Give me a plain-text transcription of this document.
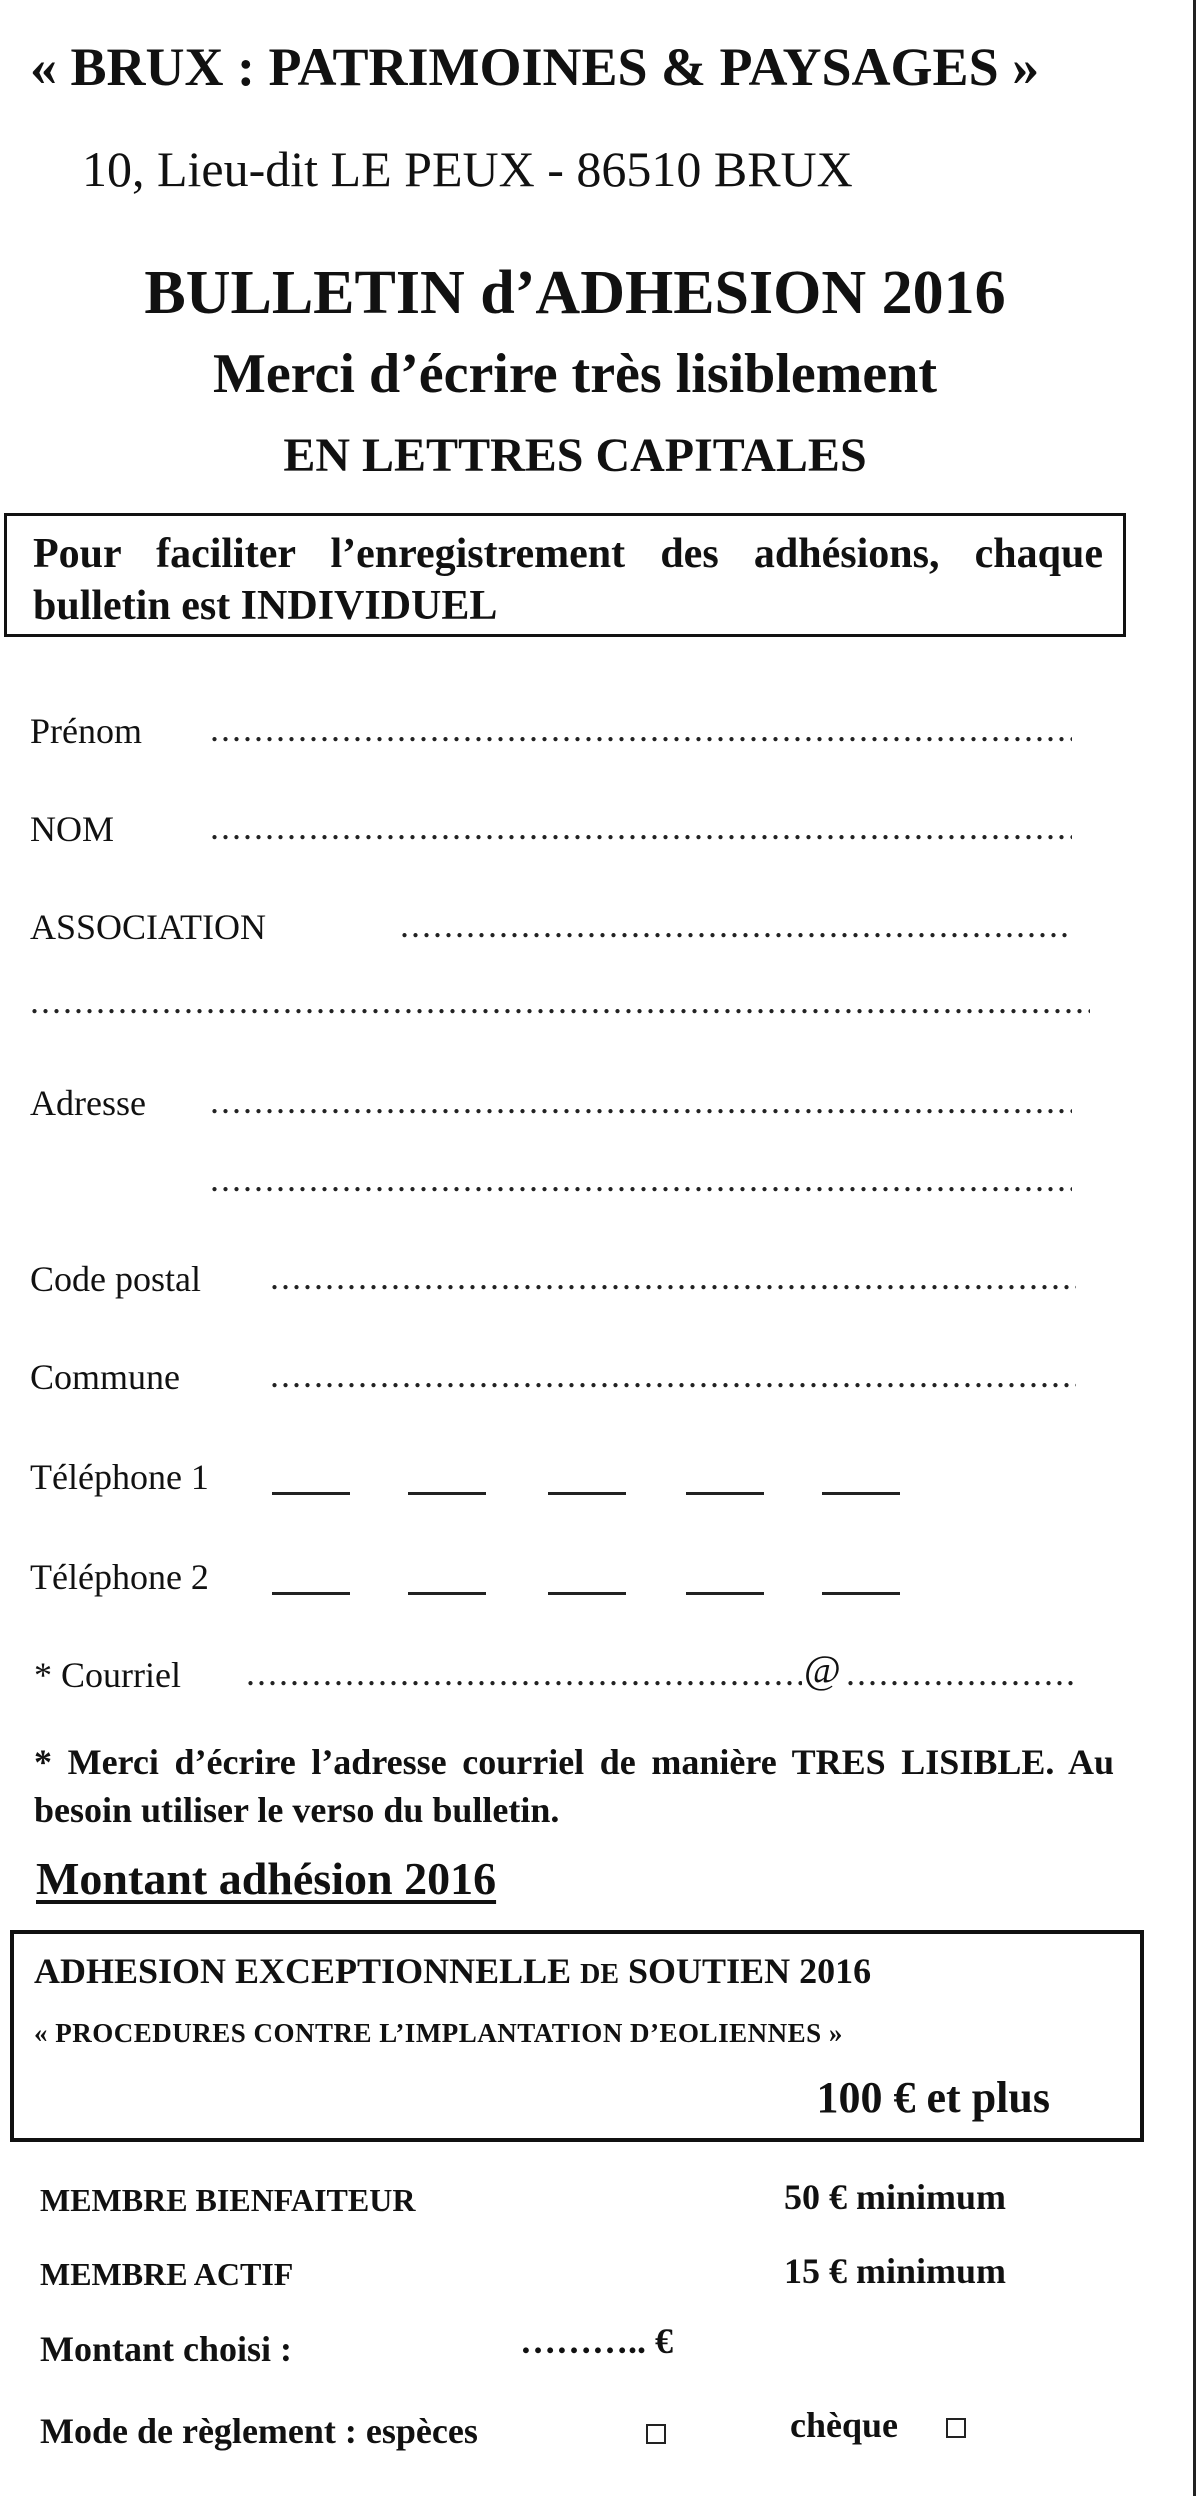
« BRUX : PATRIMOINES & PAYSAGES »
10, Lieu-dit LE PEUX - 86510 BRUX
BULLETIN d’ADHESION 2016
Merci d’écrire très lisiblement
EN LETTRES CAPITALES
Pour faciliter l’enregistrement des adhésions, chaque bulletin est INDIVIDUEL
Prénom
.....
NOM
.....
ASSOCIATION
.....
.....
Adresse
.....
.....
Code postal
.....
Commune
.....
Téléphone 1
Téléphone 2
* Courriel
.....	@
.....
* Merci d’écrire l’adresse courriel de manière TRES LISIBLE. Au besoin utiliser le verso du bulletin.
Montant adhésion 2016
ADHESION EXCEPTIONNELLE DE SOUTIEN 2016
« PROCEDURES CONTRE L’IMPLANTATION D’EOLIENNES »
100 € et plus
MEMBRE BIENFAITEUR	50 € minimum
MEMBRE ACTIF	15 € minimum
Montant choisi :	……….. €
Mode de règlement : espèces	chèque
